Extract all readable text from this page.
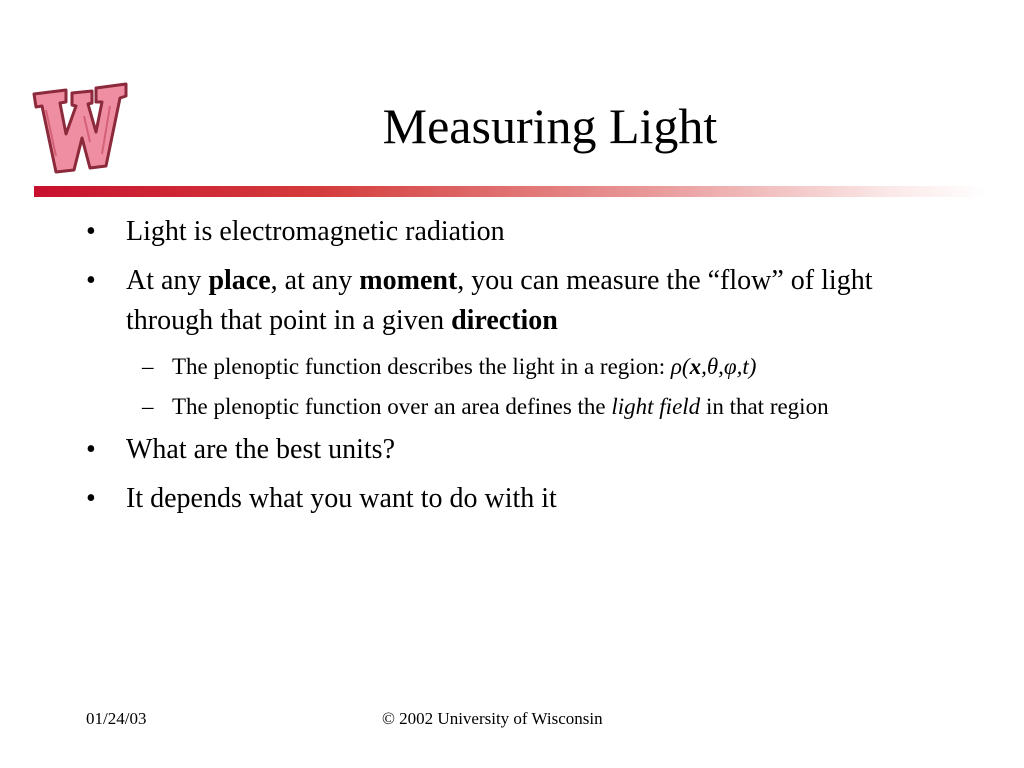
Measuring Light
• Light is electromagnetic radiation
• At any place, at any moment, you can measure the “flow” of light through that point in a given direction
– The plenoptic function describes the light in a region: ρ(x,θ,φ,t)
– The plenoptic function over an area defines the light field in that region
• What are the best units?
• It depends what you want to do with it
01/24/03	© 2002 University of Wisconsin
